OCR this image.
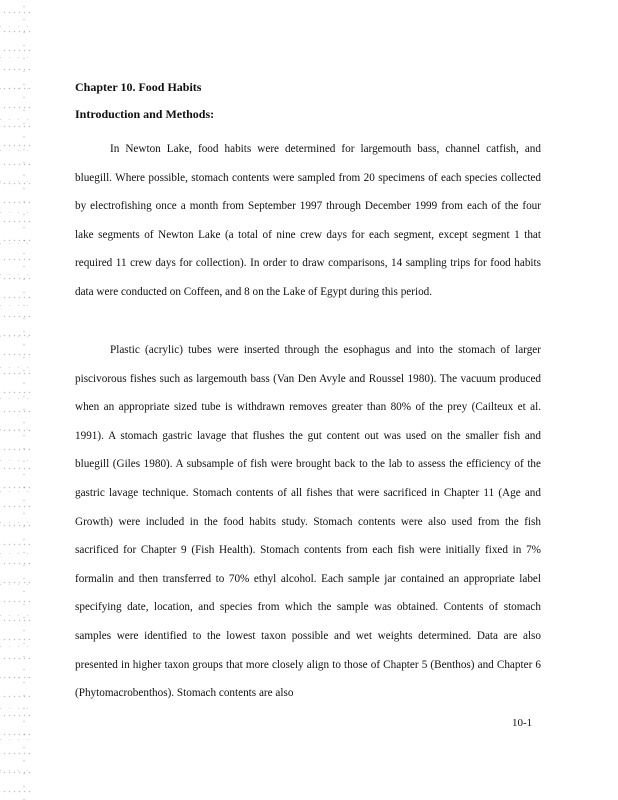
Chapter 10. Food Habits
Introduction and Methods:

In Newton Lake, food habits were determined for largemouth bass, channel catfish, and bluegill. Where possible, stomach contents were sampled from 20 specimens of each species collected by electrofishing once a month from September 1997 through December 1999 from each of the four lake segments of Newton Lake (a total of nine crew days for each segment, except segment 1 that required 11 crew days for collection). In order to draw comparisons, 14 sampling trips for food habits data were conducted on Coffeen, and 8 on the Lake of Egypt during this period.

Plastic (acrylic) tubes were inserted through the esophagus and into the stomach of larger piscivorous fishes such as largemouth bass (Van Den Avyle and Roussel 1980). The vacuum produced when an appropriate sized tube is withdrawn removes greater than 80% of the prey (Cailteux et al. 1991). A stomach gastric lavage that flushes the gut content out was used on the smaller fish and bluegill (Giles 1980). A subsample of fish were brought back to the lab to assess the efficiency of the gastric lavage technique. Stomach contents of all fishes that were sacrificed in Chapter 11 (Age and Growth) were included in the food habits study. Stomach contents were also used from the fish sacrificed for Chapter 9 (Fish Health). Stomach contents from each fish were initially fixed in 7% formalin and then transferred to 70% ethyl alcohol. Each sample jar contained an appropriate label specifying date, location, and species from which the sample was obtained. Contents of stomach samples were identified to the lowest taxon possible and wet weights determined. Data are also presented in higher taxon groups that more closely align to those of Chapter 5 (Benthos) and Chapter 6 (Phytomacrobenthos). Stomach contents are also

10-1
